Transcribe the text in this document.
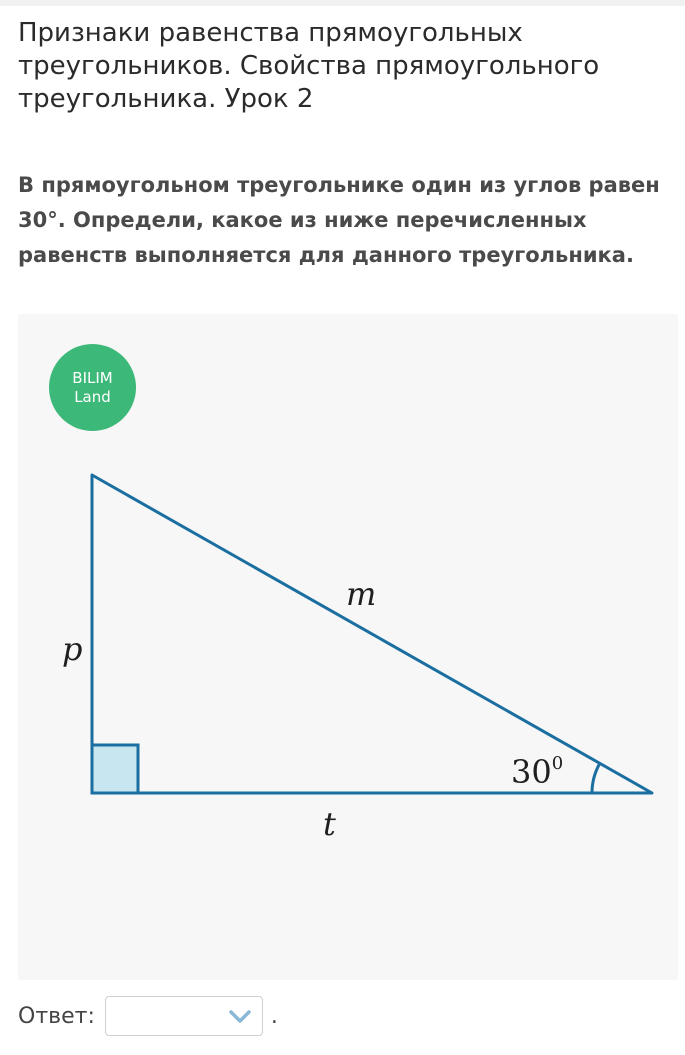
Признаки равенства прямоугольных треугольников. Свойства прямоугольного треугольника. Урок 2

В прямоугольном треугольнике один из углов равен 30°. Определи, какое из ниже перечисленных равенств выполняется для данного треугольника.

BILIM
Land
p
m
t
$30^0$
Ответ:	.
